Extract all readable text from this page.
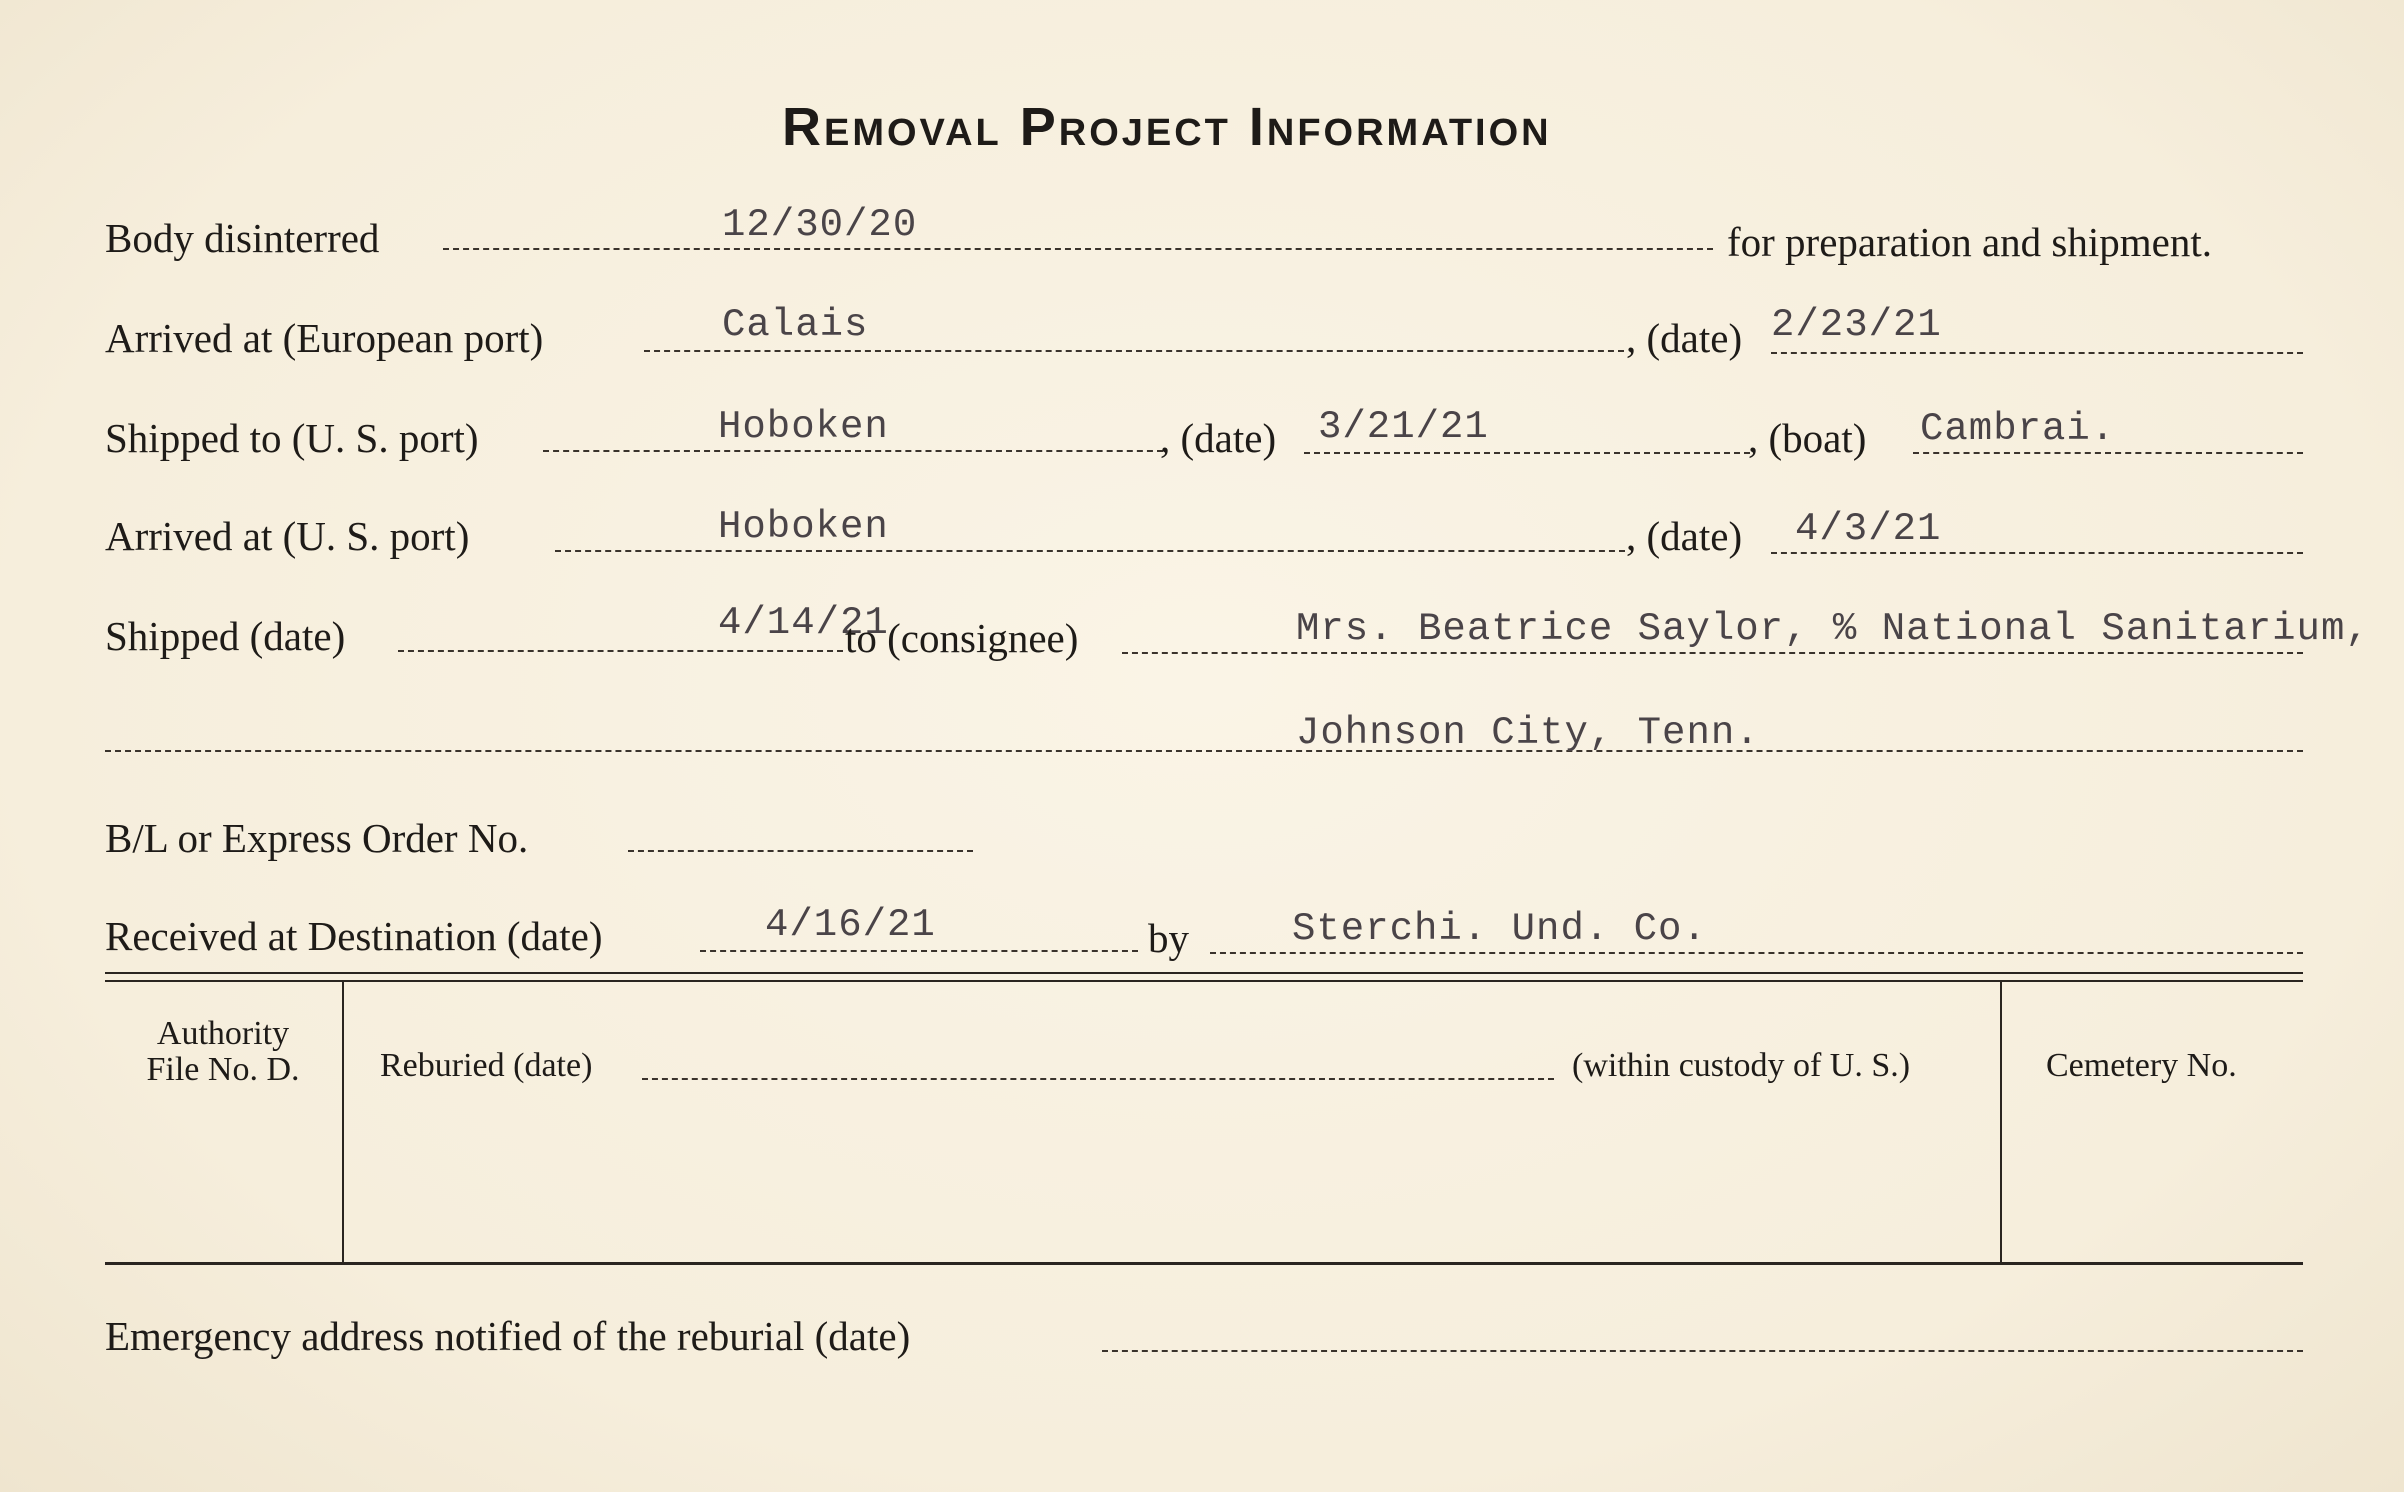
Removal Project Information
Body disinterred	12/30/20	for preparation and shipment.
Arrived at (European port)	Calais	, (date) 2/23/21
Shipped to (U. S. port)	Hoboken	, (date) 3/21/21	, (boat) Cambrai.
Arrived at (U. S. port)	Hoboken	, (date) 4/3/21
Shipped (date)	4/14/21
to (consignee)	Mrs. Beatrice Saylor, % National Sanitarium,
Johnson City, Tenn.
B/L or Express Order No.
Received at Destination (date)	4/16/21	by	Sterchi. Und. Co.
Authority
File No. D.	Reburied (date)	(within custody of U. S.)	Cemetery No.
Emergency address notified of the reburial (date)
